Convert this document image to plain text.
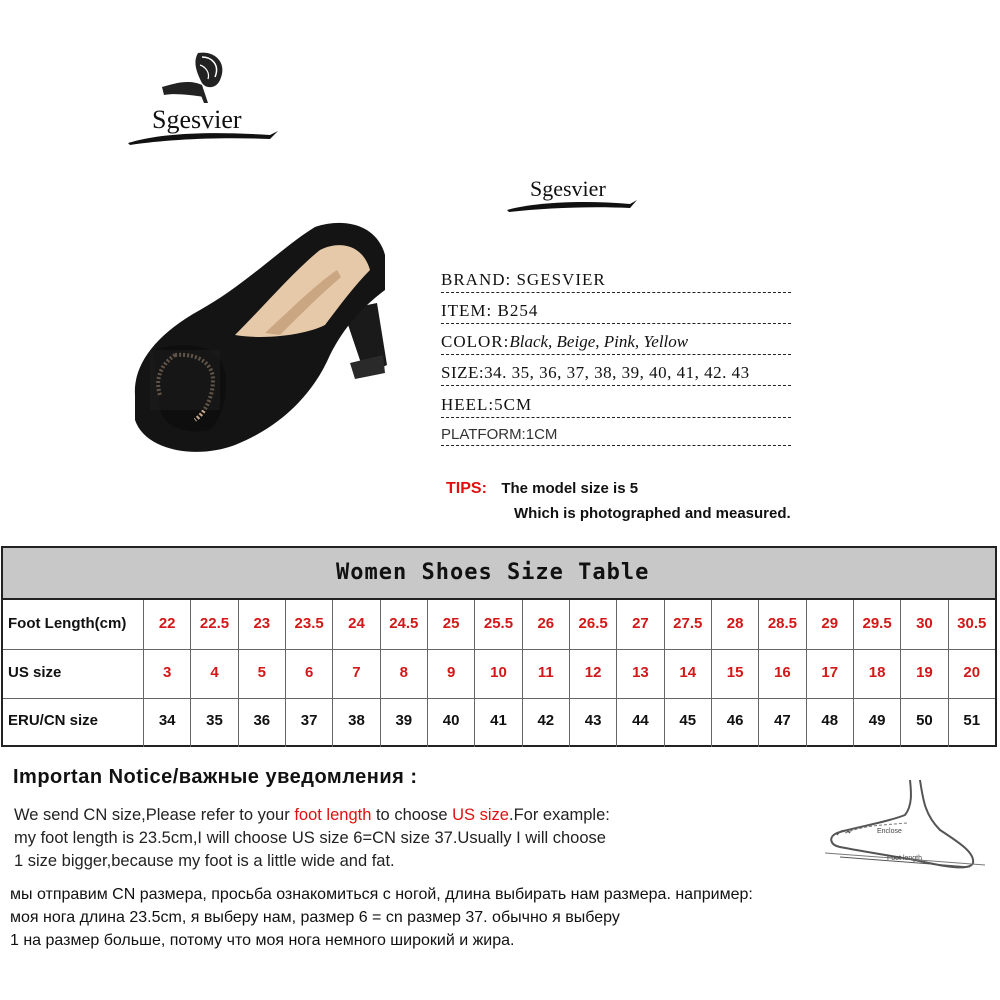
Sgesvier
Sgesvier
BRAND: SGESVIER
ITEM: B254
COLOR:Black, Beige, Pink, Yellow
SIZE:34. 35, 36, 37, 38, 39, 40, 41, 42. 43
HEEL:5CM
PLATFORM:1CM
TIPS: The model size is 5
Which is photographed and measured.
Women Shoes Size Table
Foot Length(cm)	22	22.5	23	23.5	24	24.5	25	25.5	26	26.5	27	27.5	28	28.5	29	29.5	30	30.5
US size	3	4	5	6	7	8	9	10	11	12	13	14	15	16	17	18	19	20
ERU/CN size	34	35	36	37	38	39	40	41	42	43	44	45	46	47	48	49	50	51
Importan Notice/важные уведомления :
We send CN size,Please refer to your foot length to choose US size.For example:
my foot length is 23.5cm,I will choose US size 6=CN size 37.Usually I will choose
1 size bigger,because my foot is a little wide and fat.
мы отправим CN размера, просьба ознакомиться с ногой, длина выбирать нам размера. например:
моя нога длина 23.5cm, я выберу нам, размер 6 = cn размер 37. обычно я выберу
1 на размер больше, потому что моя нога немного широкий и жира.
Enclose
Foot length
